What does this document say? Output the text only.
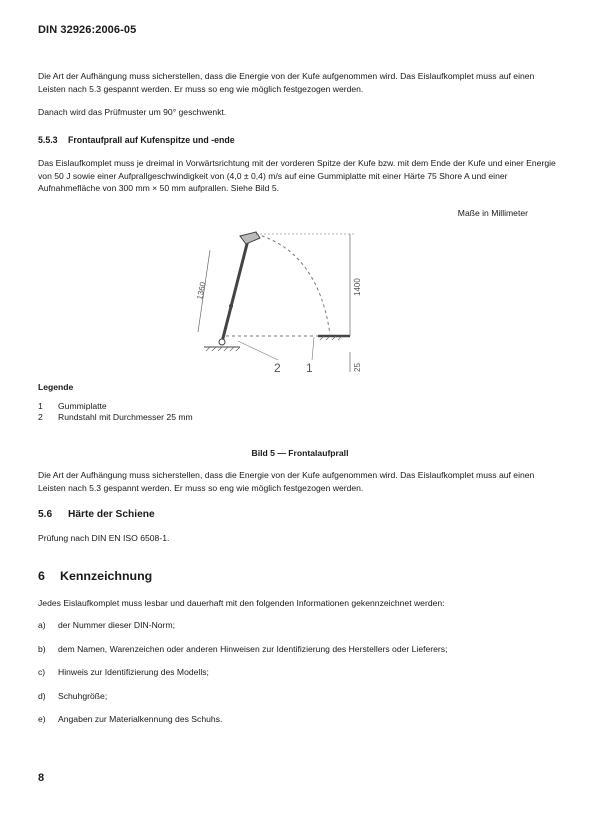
DIN 32926:2006-05

Die Art der Aufhängung muss sicherstellen, dass die Energie von der Kufe aufgenommen wird. Das Eislaufkomplet muss auf einen Leisten nach 5.3 gespannt werden. Er muss so eng wie möglich festgezogen werden.

Danach wird das Prüfmuster um 90° geschwenkt.

5.5.3 Frontaufprall auf Kufenspitze und -ende

Das Eislaufkomplet muss je dreimal in Vorwärtsrichtung mit der vorderen Spitze der Kufe bzw. mit dem Ende der Kufe und einer Energie von 50 J sowie einer Aufprallgeschwindigkeit von (4,0 ± 0,4) m/s auf eine Gummiplatte mit einer Härte 75 Shore A und einer Aufnahmefläche von 300 mm × 50 mm aufprallen. Siehe Bild 5.

Maße in Millimeter
1360	1400
25
2 1
Legende
1 Gummiplatte
2 Rundstahl mit Durchmesser 25 mm
Bild 5 — Frontalaufprall

Die Art der Aufhängung muss sicherstellen, dass die Energie von der Kufe aufgenommen wird. Das Eislaufkomplet muss auf einen Leisten nach 5.3 gespannt werden. Er muss so eng wie möglich festgezogen werden.

5.6 Härte der Schiene

Prüfung nach DIN EN ISO 6508-1.

6 Kennzeichnung

Jedes Eislaufkomplet muss lesbar und dauerhaft mit den folgenden Informationen gekennzeichnet werden:

a) der Nummer dieser DIN-Norm;
b) dem Namen, Warenzeichen oder anderen Hinweisen zur Identifizierung des Herstellers oder Lieferers;
c) Hinweis zur Identifizierung des Modells;
d) Schuhgröße;
e) Angaben zur Materialkennung des Schuhs.
8
